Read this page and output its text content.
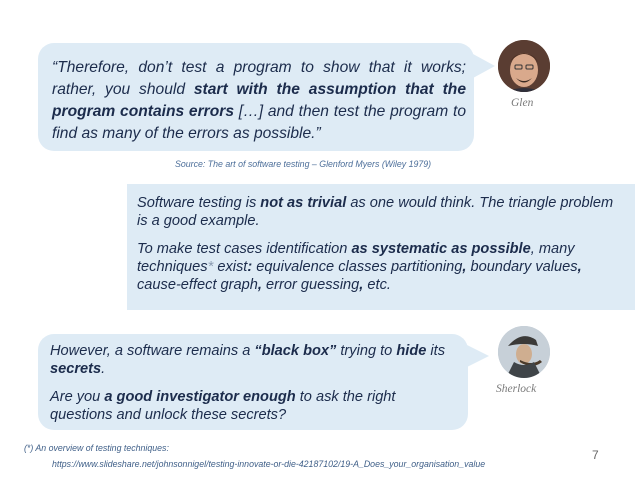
“Therefore, don’t test a program to show that it works; rather, you should start with the assumption that the program contains errors […] and then test the program to find as many of the errors as possible.”

Glen
Source: The art of software testing – Glenford Myers (Wiley 1979)

Software testing is not as trivial as one would think. The triangle problem is a good example.

To make test cases identification as systematic as possible, many techniques* exist: equivalence classes partitioning, boundary values, cause-effect graph, error guessing, etc.

However, a software remains a “black box” trying to hide its secrets.

Are you a good investigator enough to ask the right questions and unlock these secrets?

Sherlock
(*) An overview of testing techniques:
https://www.slideshare.net/johnsonnigel/testing-innovate-or-die-42187102/19-A_Does_your_organisation_value
7
